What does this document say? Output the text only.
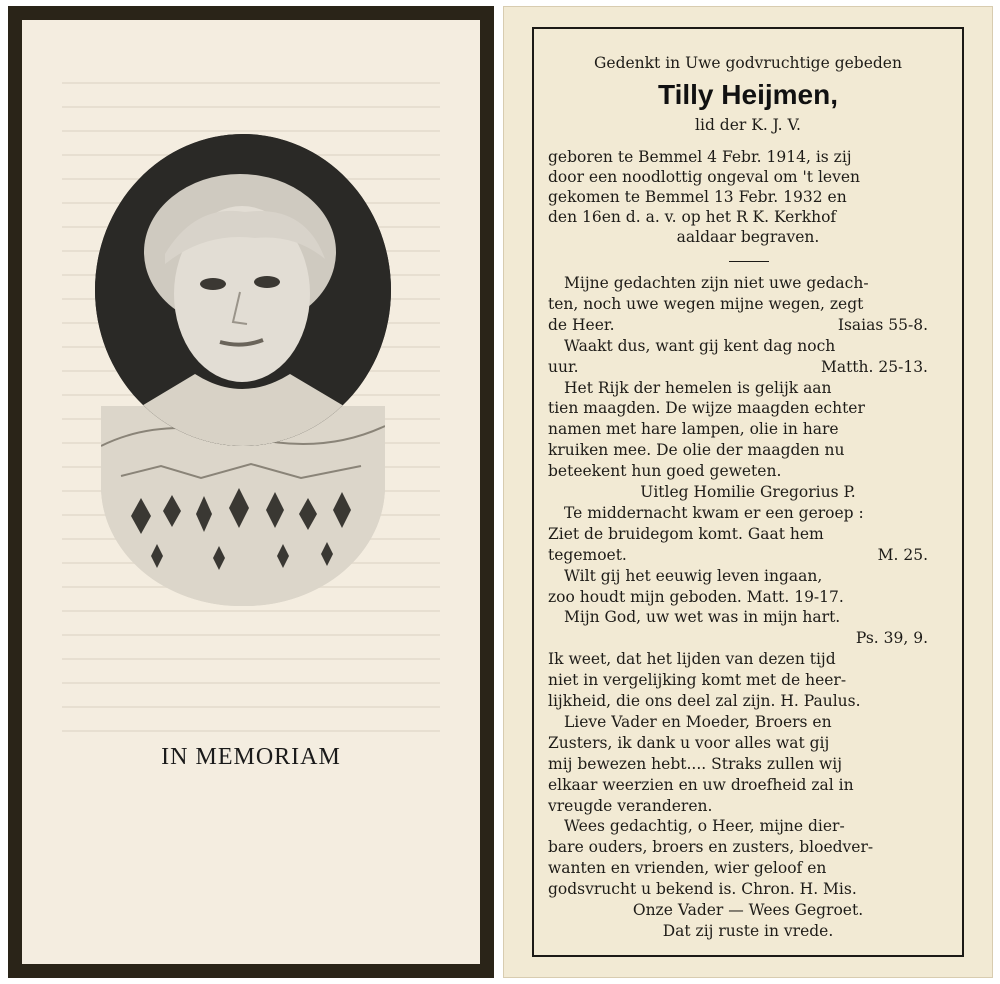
IN MEMORIAM
Gedenkt in Uwe godvruchtige gebeden
Tilly Heijmen,
lid der K. J. V.
geboren te Bemmel 4 Febr. 1914, is zij
door een noodlottig ongeval om 't leven
gekomen te Bemmel 13 Febr. 1932 en
den 16en d. a. v. op het R K. Kerkhof
aaldaar begraven.
Mijne gedachten zijn niet uwe gedach-
ten, noch uwe wegen mijne wegen, zegt
de Heer.	Isaias 55-8.
Waakt dus, want gij kent dag noch
uur.	Matth. 25-13.
Het Rijk der hemelen is gelijk aan
tien maagden. De wijze maagden echter
namen met hare lampen, olie in hare
kruiken mee. De olie der maagden nu
beteekent hun goed geweten.
Uitleg Homilie Gregorius P.
Te middernacht kwam er een geroep :
Ziet de bruidegom komt. Gaat hem
tegemoet.	M. 25.
Wilt gij het eeuwig leven ingaan,
zoo houdt mijn geboden. Matt. 19-17.
Mijn God, uw wet was in mijn hart.
Ps. 39, 9.
Ik weet, dat het lijden van dezen tijd
niet in vergelijking komt met de heer-
lijkheid, die ons deel zal zijn. H. Paulus.
Lieve Vader en Moeder, Broers en
Zusters, ik dank u voor alles wat gij
mij bewezen hebt.... Straks zullen wij
elkaar weerzien en uw droefheid zal in
vreugde veranderen.
Wees gedachtig, o Heer, mijne dier-
bare ouders, broers en zusters, bloedver-
wanten en vrienden, wier geloof en
godsvrucht u bekend is. Chron. H. Mis.
Onze Vader — Wees Gegroet.
Dat zij ruste in vrede.
